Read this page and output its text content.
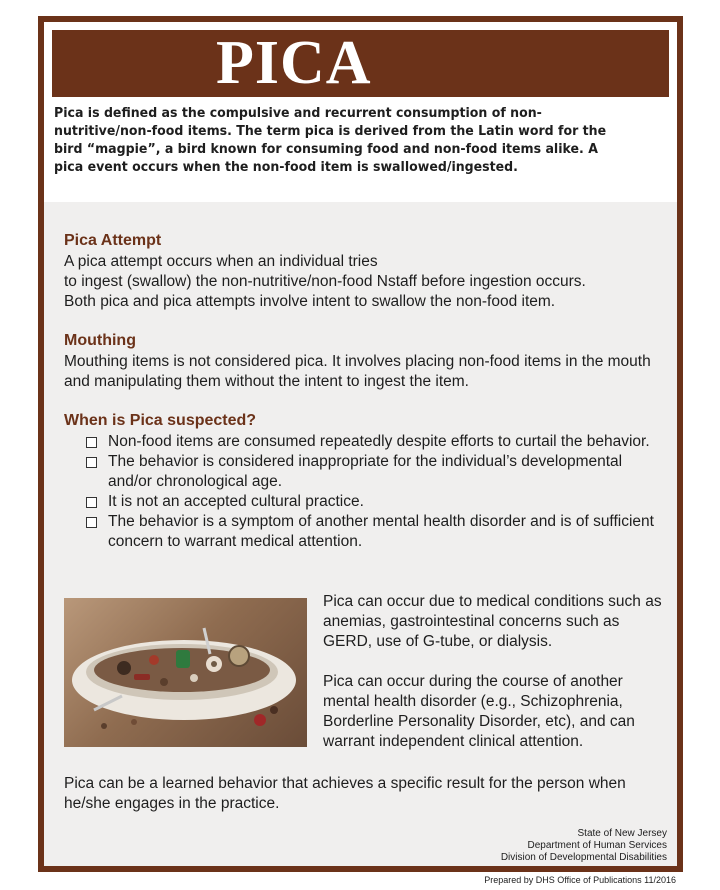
PICA

Pica is defined as the compulsive and recurrent consumption of non-nutritive/non-food items. The term pica is derived from the Latin word for the bird “magpie”, a bird known for consuming food and non-food items alike. A pica event occurs when the non-food item is swallowed/ingested.

Pica Attempt

A pica attempt occurs when an individual tries
to ingest (swallow) the non-nutritive/non-food Nstaff before ingestion occurs.
Both pica and pica attempts involve intent to swallow the non-food item.

Mouthing

Mouthing items is not considered pica. It involves placing non-food items in the mouth and manipulating them without the intent to ingest the item.

When is Pica suspected?
Non-food items are consumed repeatedly despite efforts to curtail the behavior.
The behavior is considered inappropriate for the individual’s developmental and/or chronological age.
It is not an accepted cultural practice.
The behavior is a symptom of another mental health disorder and is of sufficient concern to warrant medical attention.

Pica can occur due to medical conditions such as anemias, gastrointestinal concerns such as GERD, use of G-tube, or dialysis.

Pica can occur during the course of another mental health disorder (e.g., Schizophrenia, Borderline Personality Disorder, etc), and can warrant independent clinical attention.

Pica can be a learned behavior that achieves a specific result for the person when he/she engages in the practice.

State of New Jersey
Department of Human Services
Division of Developmental Disabilities

Prepared by DHS Office of Publications 11/2016
